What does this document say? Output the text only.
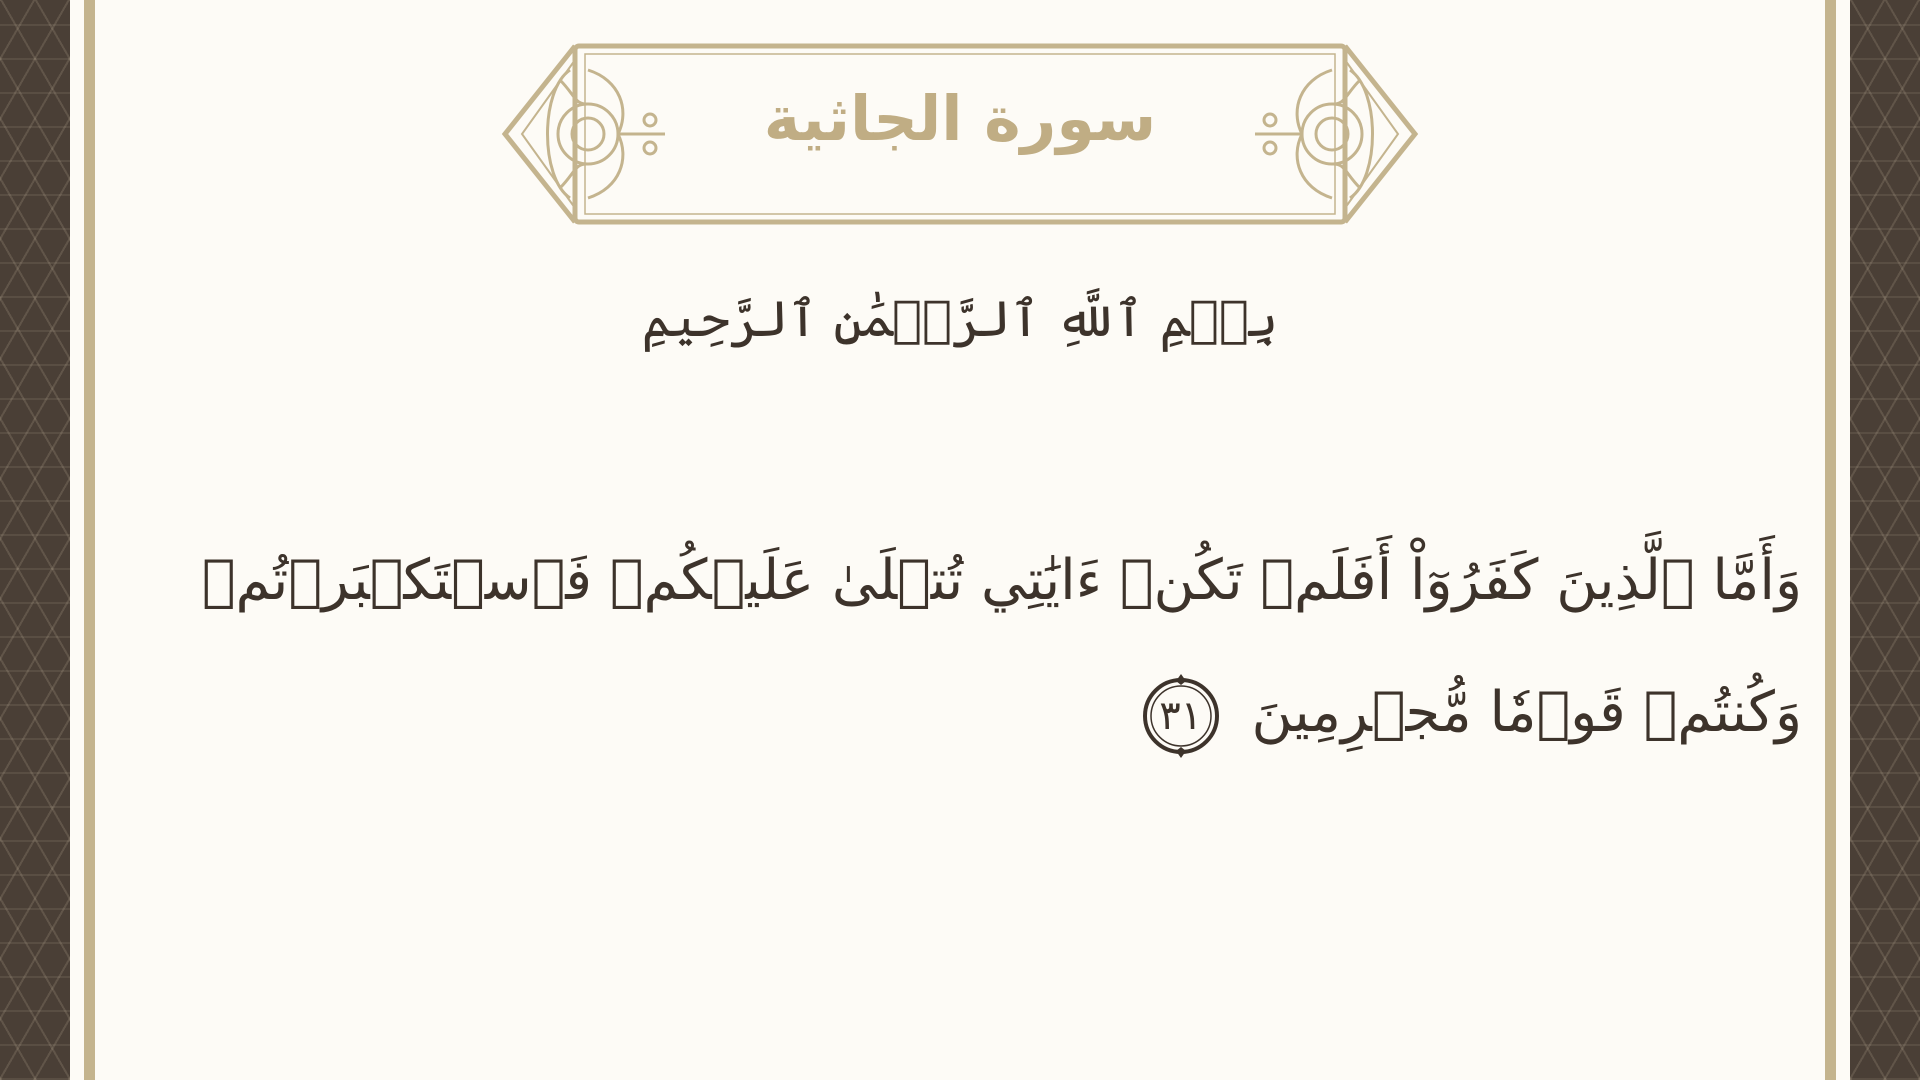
سورة الجاثية
بِسۡمِ ٱللَّهِ ٱلرَّحۡمَٰنِ ٱلرَّحِيمِ
وَأَمَّا ٱلَّذِينَ كَفَرُوٓاْ أَفَلَمۡ تَكُنۡ ءَايَٰتِي تُتۡلَىٰ عَلَيۡكُمۡ فَٱسۡتَكۡبَرۡتُمۡ
وَكُنتُمۡ قَوۡمٗا مُّجۡرِمِينَ
٣١
